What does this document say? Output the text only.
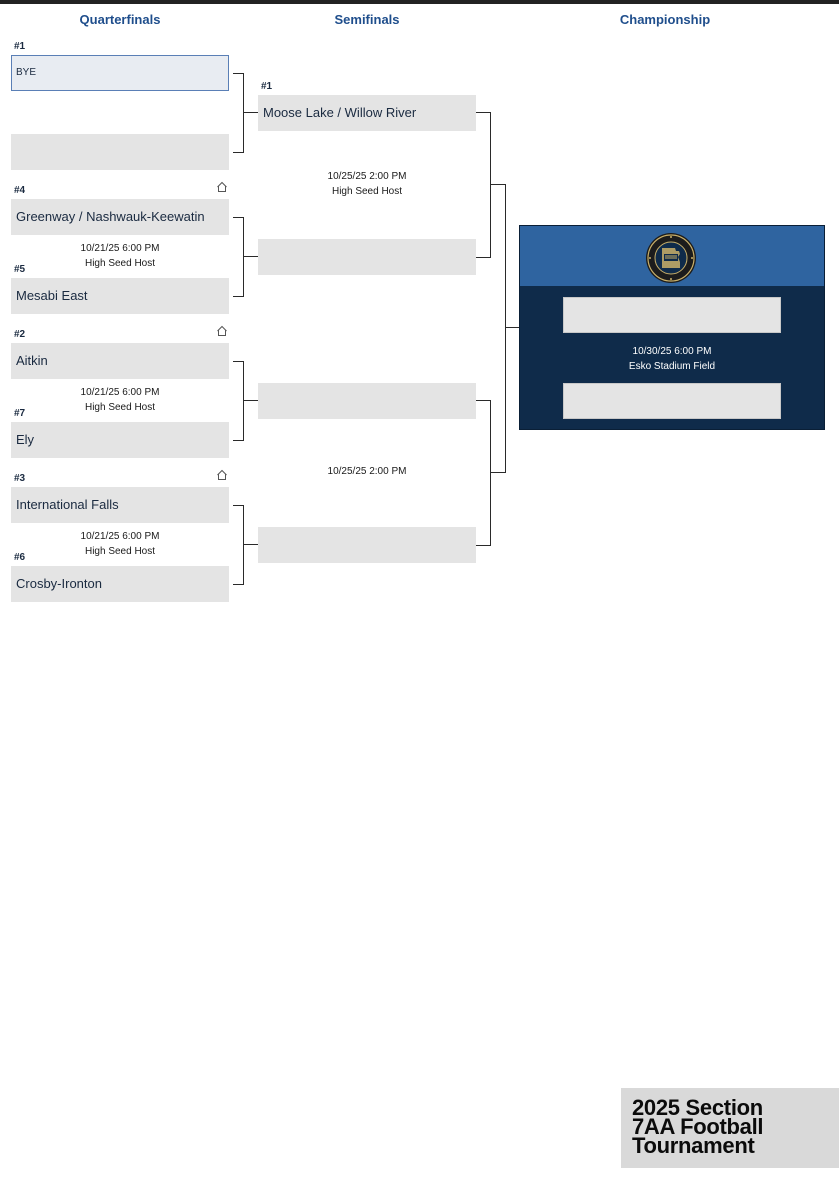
Quarterfinals	Semifinals	Championship
#1
BYE
#4
Greenway / Nashwauk-Keewatin
10/21/25 6:00 PM
High Seed Host
#5
Mesabi East
#2
Aitkin
10/21/25 6:00 PM
High Seed Host
#7
Ely
#3
International Falls
10/21/25 6:00 PM
High Seed Host
#6
Crosby-Ironton
#1
Moose Lake / Willow River
10/25/25 2:00 PM
High Seed Host
10/25/25 2:00 PM
10/30/25 6:00 PM
Esko Stadium Field
2025 Section
7AA Football
Tournament
